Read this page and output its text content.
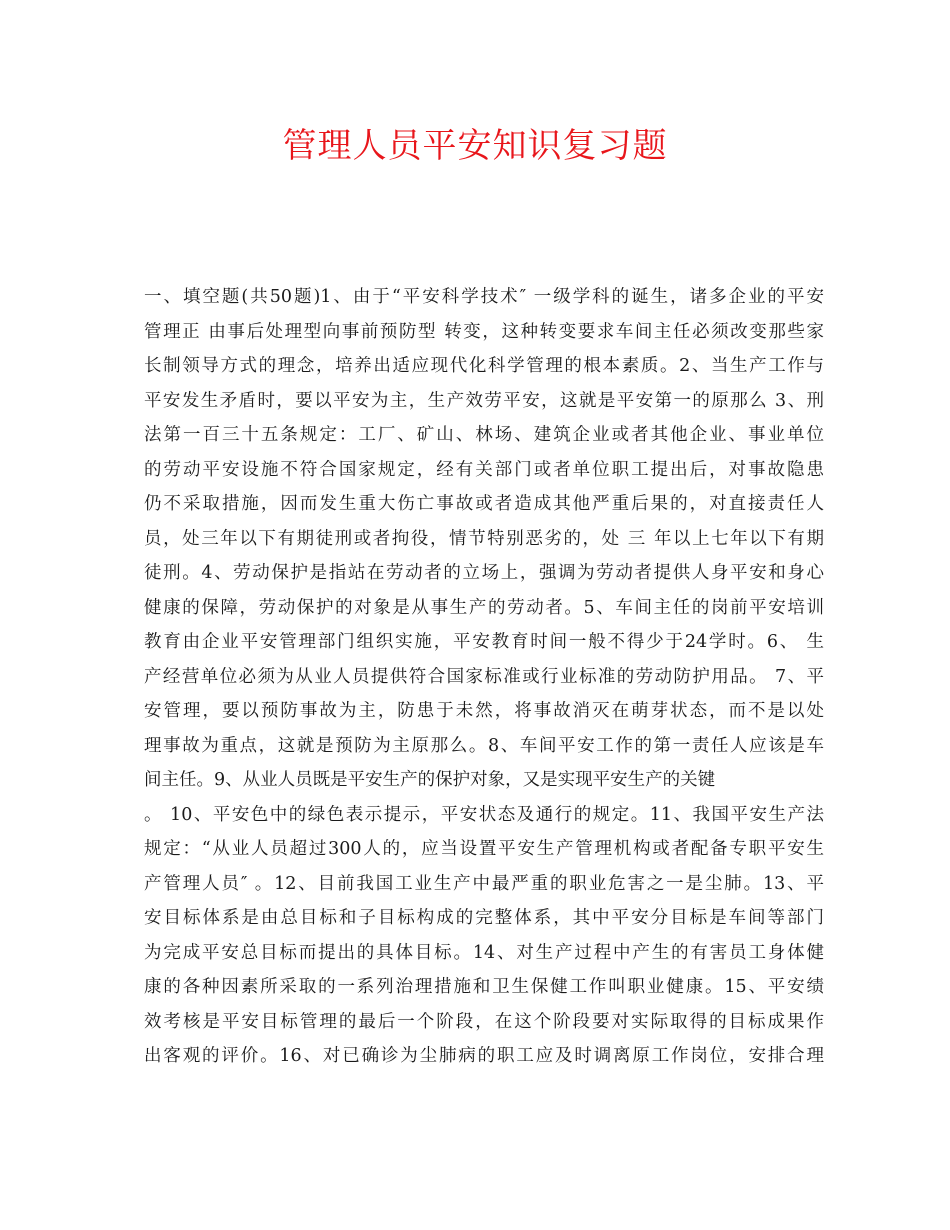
管理人员平安知识复习题
一、填空题(共50题)1、由于“平安科学技术″ 一级学科的诞生，诸多企业的平安
管理正 由事后处理型向事前预防型 转变，这种转变要求车间主任必须改变那些家
长制领导方式的理念，培养出适应现代化科学管理的根本素质。2、当生产工作与
平安发生矛盾时，要以平安为主，生产效劳平安，这就是平安第一的原那么 3、刑
法第一百三十五条规定：工厂、矿山、林场、建筑企业或者其他企业、事业单位
的劳动平安设施不符合国家规定，经有关部门或者单位职工提出后，对事故隐患
仍不采取措施，因而发生重大伤亡事故或者造成其他严重后果的，对直接责任人
员，处三年以下有期徒刑或者拘役，情节特别恶劣的，处 三 年以上七年以下有期
徒刑。4、劳动保护是指站在劳动者的立场上，强调为劳动者提供人身平安和身心
健康的保障，劳动保护的对象是从事生产的劳动者。5、车间主任的岗前平安培训
教育由企业平安管理部门组织实施，平安教育时间一般不得少于24学时。6、 生
产经营单位必须为从业人员提供符合国家标准或行业标准的劳动防护用品。 7、平
安管理，要以预防事故为主，防患于未然，将事故消灭在萌芽状态，而不是以处
理事故为重点，这就是预防为主原那么。8、车间平安工作的第一责任人应该是车
间主任。9、从业人员既是平安生产的保护对象，又是实现平安生产的关键
。 10、平安色中的绿色表示提示，平安状态及通行的规定。11、我国平安生产法
规定：“从业人员超过300人的，应当设置平安生产管理机构或者配备专职平安生
产管理人员″ 。12、目前我国工业生产中最严重的职业危害之一是尘肺。13、平
安目标体系是由总目标和子目标构成的完整体系，其中平安分目标是车间等部门
为完成平安总目标而提出的具体目标。14、对生产过程中产生的有害员工身体健
康的各种因素所采取的一系列治理措施和卫生保健工作叫职业健康。15、平安绩
效考核是平安目标管理的最后一个阶段，在这个阶段要对实际取得的目标成果作
出客观的评价。16、对已确诊为尘肺病的职工应及时调离原工作岗位，安排合理
